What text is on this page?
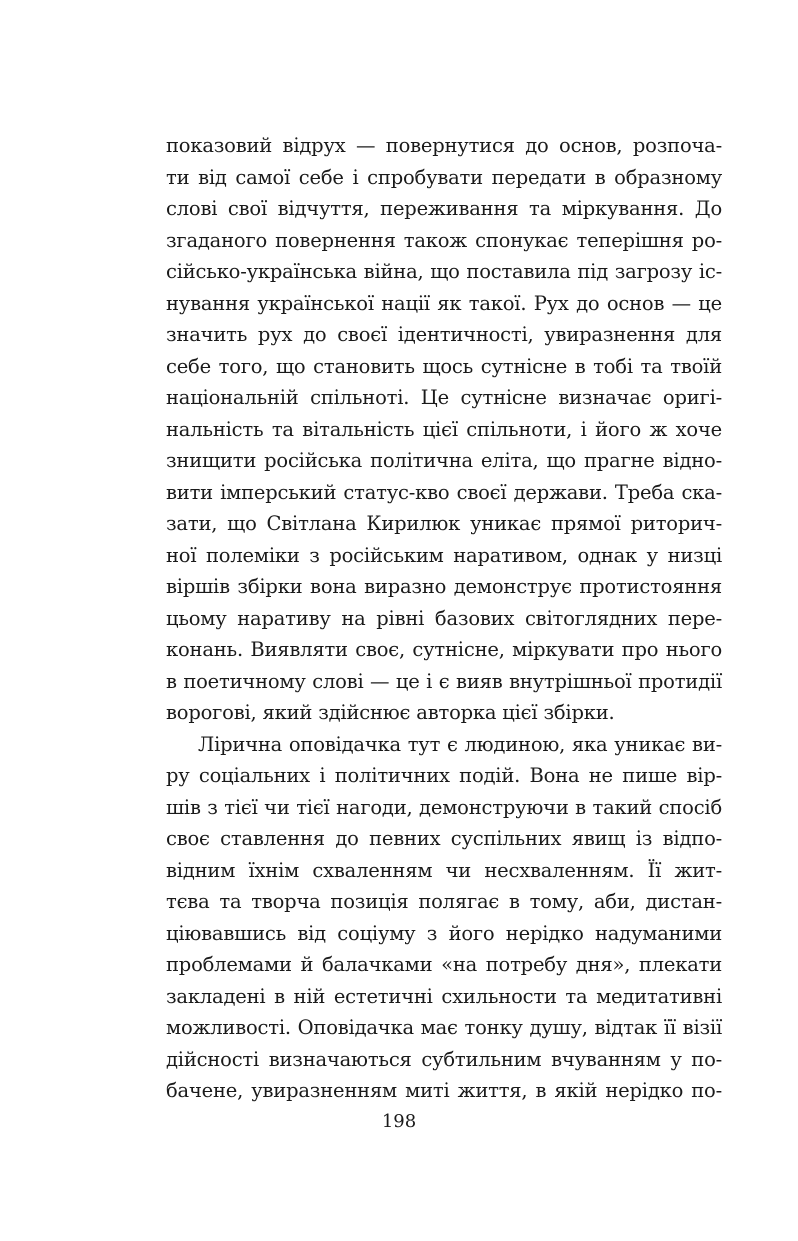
показовий відрух — повернутися до основ, розпоча-
ти від самої себе і спробувати передати в образному
слові свої відчуття, переживання та міркування. До
згаданого повернення також спонукає теперішня ро-
сійсько-українська війна, що поставила під загрозу іс-
нування української нації як такої. Рух до основ — це
значить рух до своєї ідентичності, увиразнення для
себе того, що становить щось сутнісне в тобі та твоїй
національній спільноті. Це сутнісне визначає оригі-
нальність та вітальність цієї спільноти, і його ж хоче
знищити російська політична еліта, що прагне відно-
вити імперський статус-кво своєї держави. Треба ска-
зати, що Світлана Кирилюк уникає прямої риторич-
ної полеміки з російським наративом, однак у низці
віршів збірки вона виразно демонструє протистояння
цьому наративу на рівні базових світоглядних пере-
конань. Виявляти своє, сутнісне, міркувати про нього
в поетичному слові — це і є вияв внутрішньої протидії
ворогові, який здійснює авторка цієї збірки.
Лірична оповідачка тут є людиною, яка уникає ви-
ру соціальних і політичних подій. Вона не пише вір-
шів з тієї чи тієї нагоди, демонструючи в такий спосіб
своє ставлення до певних суспільних явищ із відпо-
відним їхнім схваленням чи несхваленням. Її жит-
тєва та творча позиція полягає в тому, аби, дистан-
ціювавшись від соціуму з його нерідко надуманими
проблемами й балачками «на потребу дня», плекати
закладені в ній естетичні схильности та медитативні
можливості. Оповідачка має тонку душу, відтак її візії
дійсності визначаються субтильним вчуванням у по-
бачене, увиразненням миті життя, в якій нерідко по-
198
